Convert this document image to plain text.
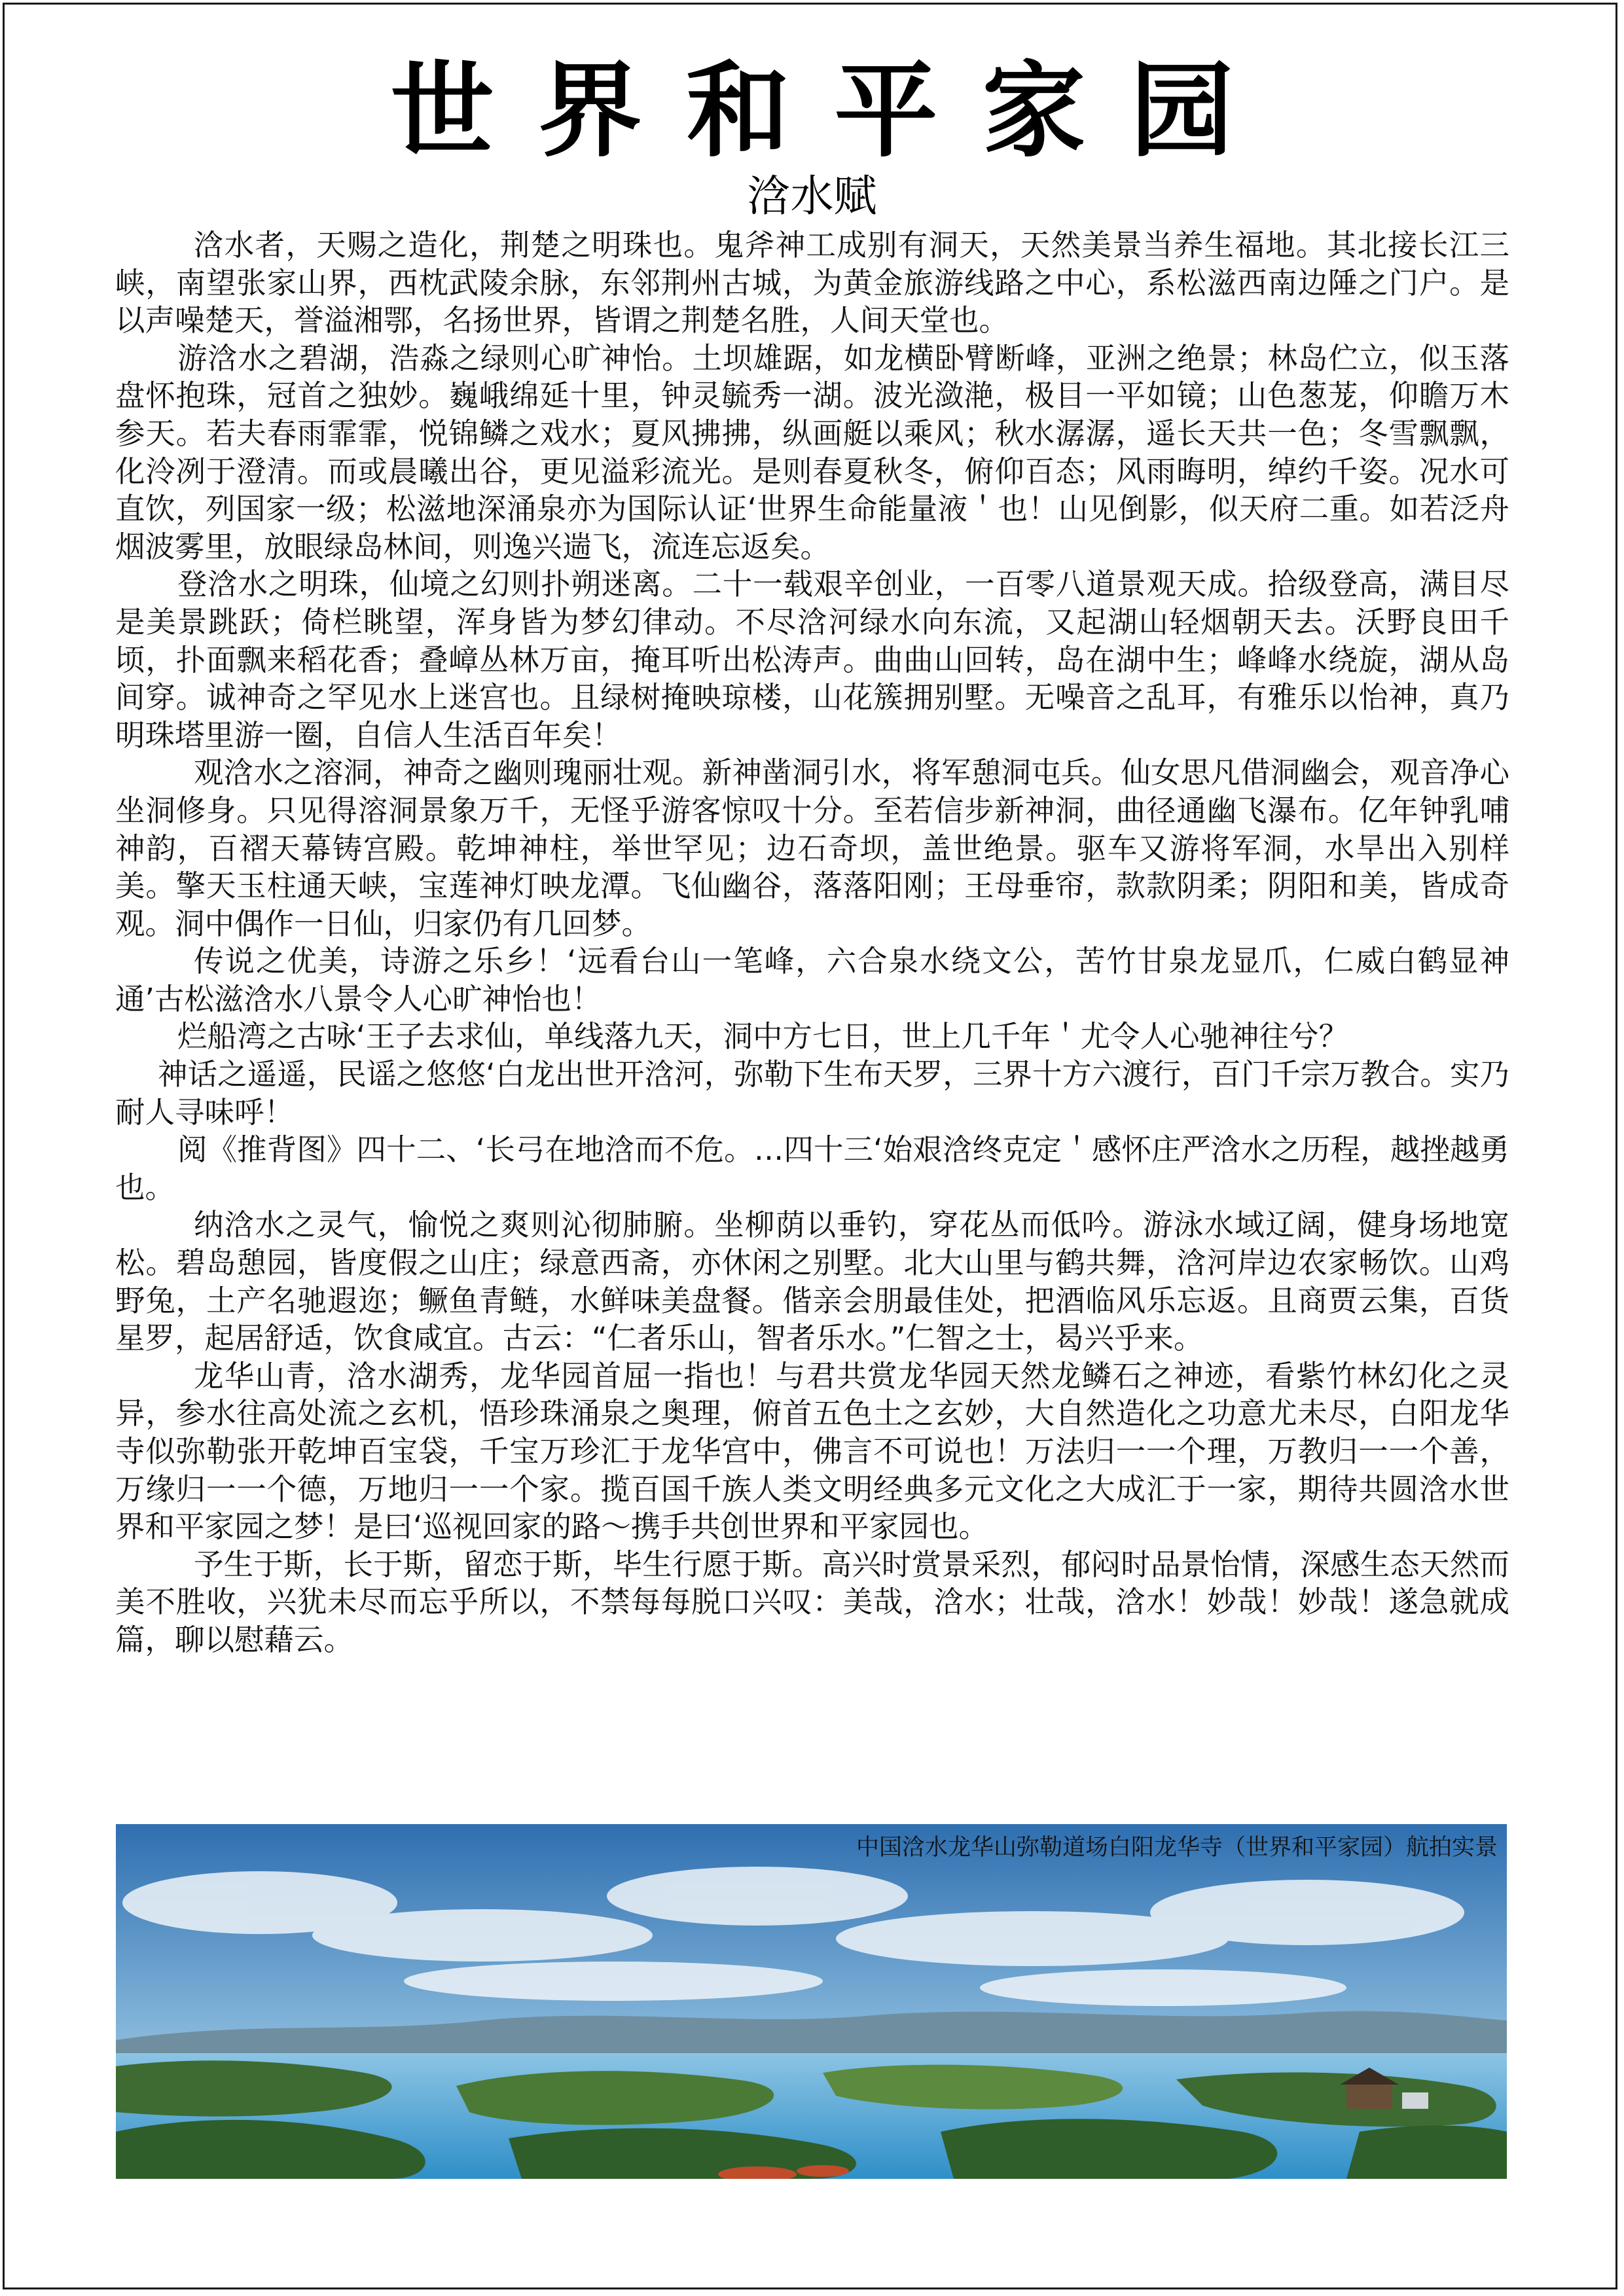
世界和平家园
浛水赋

浛水者，天赐之造化，荆楚之明珠也。鬼斧神工成别有洞天，天然美景当养生福地。其北接长江三峡，南望张家山界，西枕武陵余脉，东邻荆州古城，为黄金旅游线路之中心，系松滋西南边陲之门户。是以声噪楚天，誉溢湘鄂，名扬世界，皆谓之荆楚名胜，人间天堂也。

游浛水之碧湖，浩淼之绿则心旷神怡。土坝雄踞，如龙横卧臂断峰，亚洲之绝景；林岛伫立，似玉落盘怀抱珠，冠首之独妙。巍峨绵延十里，钟灵毓秀一湖。波光潋滟，极目一平如镜；山色葱茏，仰瞻万木参天。若夫春雨霏霏，悦锦鳞之戏水；夏风拂拂，纵画艇以乘风；秋水潺潺，遥长天共一色；冬雪飘飘，化泠冽于澄清。而或晨曦出谷，更见溢彩流光。是则春夏秋冬，俯仰百态；风雨晦明，绰约千姿。况水可直饮，列国家一级；松滋地深涌泉亦为国际认证‘世界生命能量液＇也！山见倒影，似天府二重。如若泛舟烟波雾里，放眼绿岛林间，则逸兴遄飞，流连忘返矣。

登浛水之明珠，仙境之幻则扑朔迷离。二十一载艰辛创业，一百零八道景观天成。拾级登高，满目尽是美景跳跃；倚栏眺望，浑身皆为梦幻律动。不尽浛河绿水向东流，又起湖山轻烟朝天去。沃野良田千顷，扑面飘来稻花香；叠嶂丛林万亩，掩耳听出松涛声。曲曲山回转，岛在湖中生；峰峰水绕旋，湖从岛间穿。诚神奇之罕见水上迷宫也。且绿树掩映琼楼，山花簇拥别墅。无噪音之乱耳，有雅乐以怡神，真乃明珠塔里游一圈，自信人生活百年矣！

观浛水之溶洞，神奇之幽则瑰丽壮观。新神凿洞引水，将军憩洞屯兵。仙女思凡借洞幽会，观音净心坐洞修身。只见得溶洞景象万千，无怪乎游客惊叹十分。至若信步新神洞，曲径通幽飞瀑布。亿年钟乳哺神韵，百褶天幕铸宫殿。乾坤神柱，举世罕见；边石奇坝，盖世绝景。驱车又游将军洞，水旱出入别样美。擎天玉柱通天峡，宝莲神灯映龙潭。飞仙幽谷，落落阳刚；王母垂帘，款款阴柔；阴阳和美，皆成奇观。洞中偶作一日仙，归家仍有几回梦。

传说之优美，诗游之乐乡！‘远看台山一笔峰，六合泉水绕文公，苦竹甘泉龙显爪，仁威白鹤显神通’古松滋浛水八景令人心旷神怡也！

烂船湾之古咏‘王子去求仙，单线落九天，洞中方七日，世上几千年＇尤令人心驰神往兮？

神话之遥遥，民谣之悠悠‘白龙出世开浛河，弥勒下生布天罗，三界十方六渡行，百门千宗万教合。实乃耐人寻味呼！

阅《推背图》四十二、‘长弓在地浛而不危。…四十三‘始艰浛终克定＇感怀庄严浛水之历程，越挫越勇也。

纳浛水之灵气，愉悦之爽则沁彻肺腑。坐柳荫以垂钓，穿花丛而低吟。游泳水域辽阔，健身场地宽松。碧岛憩园，皆度假之山庄；绿意西斋，亦休闲之别墅。北大山里与鹤共舞，浛河岸边农家畅饮。山鸡野兔，土产名驰遐迩；鳜鱼青鲢，水鲜味美盘餐。偕亲会朋最佳处，把酒临风乐忘返。且商贾云集，百货星罗，起居舒适，饮食咸宜。古云：“仁者乐山，智者乐水。”仁智之士，曷兴乎来。

龙华山青，浛水湖秀，龙华园首屈一指也！与君共赏龙华园天然龙鳞石之神迹，看紫竹林幻化之灵异，参水往高处流之玄机，悟珍珠涌泉之奥理，俯首五色土之玄妙，大自然造化之功意尤未尽，白阳龙华寺似弥勒张开乾坤百宝袋，千宝万珍汇于龙华宫中，佛言不可说也！万法归一一个理，万教归一一个善，万缘归一一个德，万地归一一个家。揽百国千族人类文明经典多元文化之大成汇于一家，期待共圆浛水世界和平家园之梦！是曰‘巡视回家的路～携手共创世界和平家园也。

予生于斯，长于斯，留恋于斯，毕生行愿于斯。高兴时赏景采烈，郁闷时品景怡情，深感生态天然而美不胜收，兴犹未尽而忘乎所以，不禁每每脱口兴叹：美哉，浛水；壮哉，浛水！妙哉！妙哉！遂急就成篇，聊以慰藉云。

中国浛水龙华山弥勒道场白阳龙华寺（世界和平家园）航拍实景
